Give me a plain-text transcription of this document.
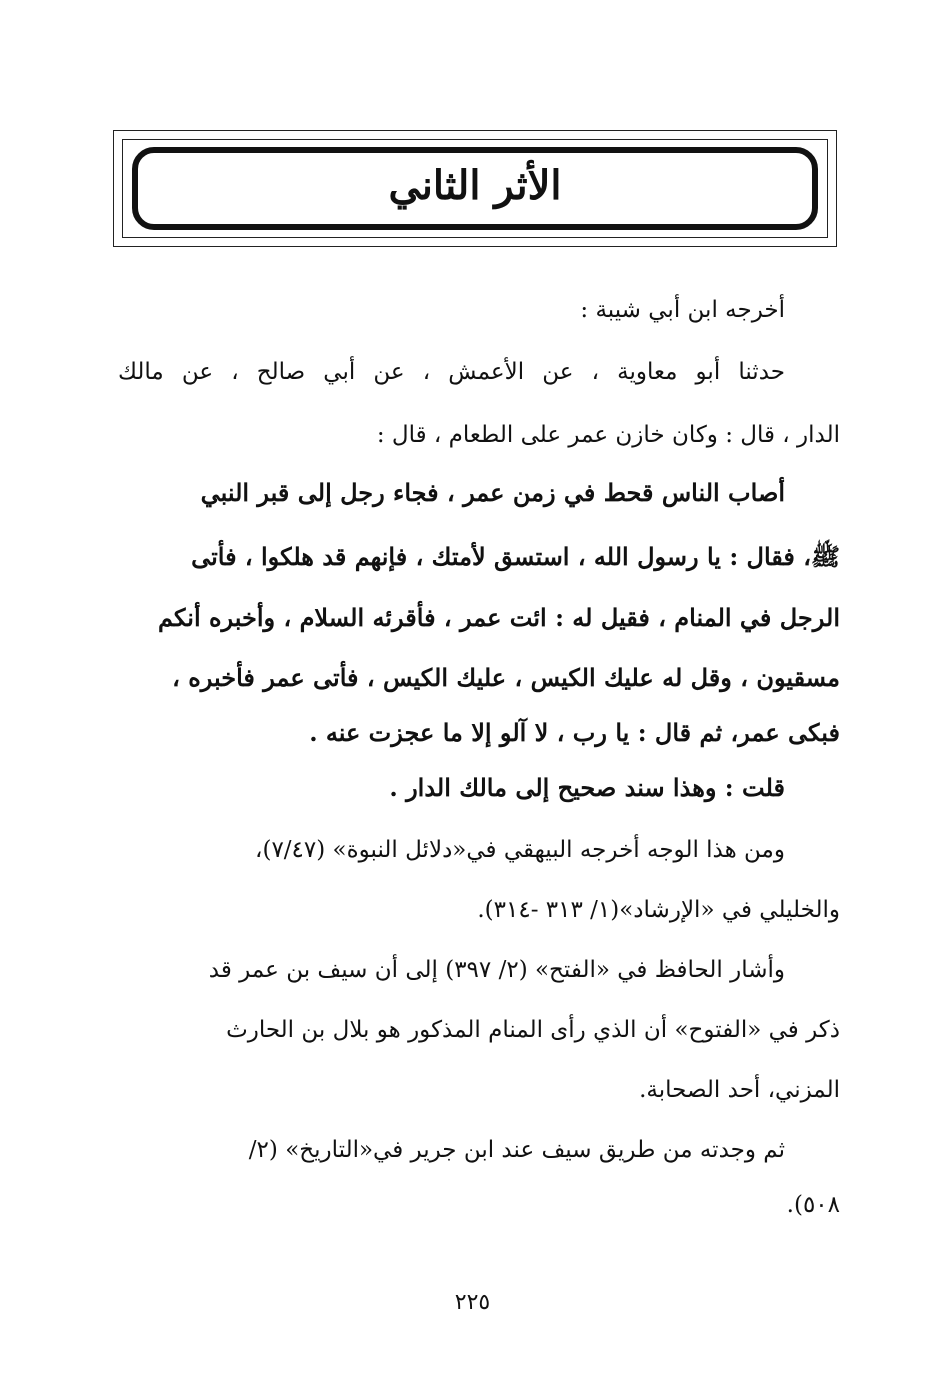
الأثر الثاني
أخرجه ابن أبي شيبة :
حدثنا أبو معاوية ، عن الأعمش ، عن أبي صالح ، عن مالك
الدار ، قال : وكان خازن عمر على الطعام ، قال :
أصاب الناس قحط في زمن عمر ، فجاء رجل إلى قبر النبي
ﷺ، فقال : يا رسول الله ، استسق لأمتك ، فإنهم قد هلكوا ، فأتى
الرجل في المنام ، فقيل له : ائت عمر ، فأقرئه السلام ، وأخبره أنكم
مسقيون ، وقل له عليك الكيس ، عليك الكيس ، فأتى عمر فأخبره ،
فبكى عمر، ثم قال : يا رب ، لا آلو إلا ما عجزت عنه .
قلت : وهذا سند صحيح إلى مالك الدار .
ومن هذا الوجه أخرجه البيهقي في«دلائل النبوة» (٧/٤٧)،
والخليلي في «الإرشاد»(١/ ٣١٣ -٣١٤).
وأشار الحافظ في «الفتح» (٢/ ٣٩٧) إلى أن سيف بن عمر قد
ذكر في «الفتوح» أن الذي رأى المنام المذكور هو بلال بن الحارث
المزني، أحد الصحابة.
ثم وجدته من طريق سيف عند ابن جرير في«التاريخ» (٢/
٥٠٨).
٢٢٥
